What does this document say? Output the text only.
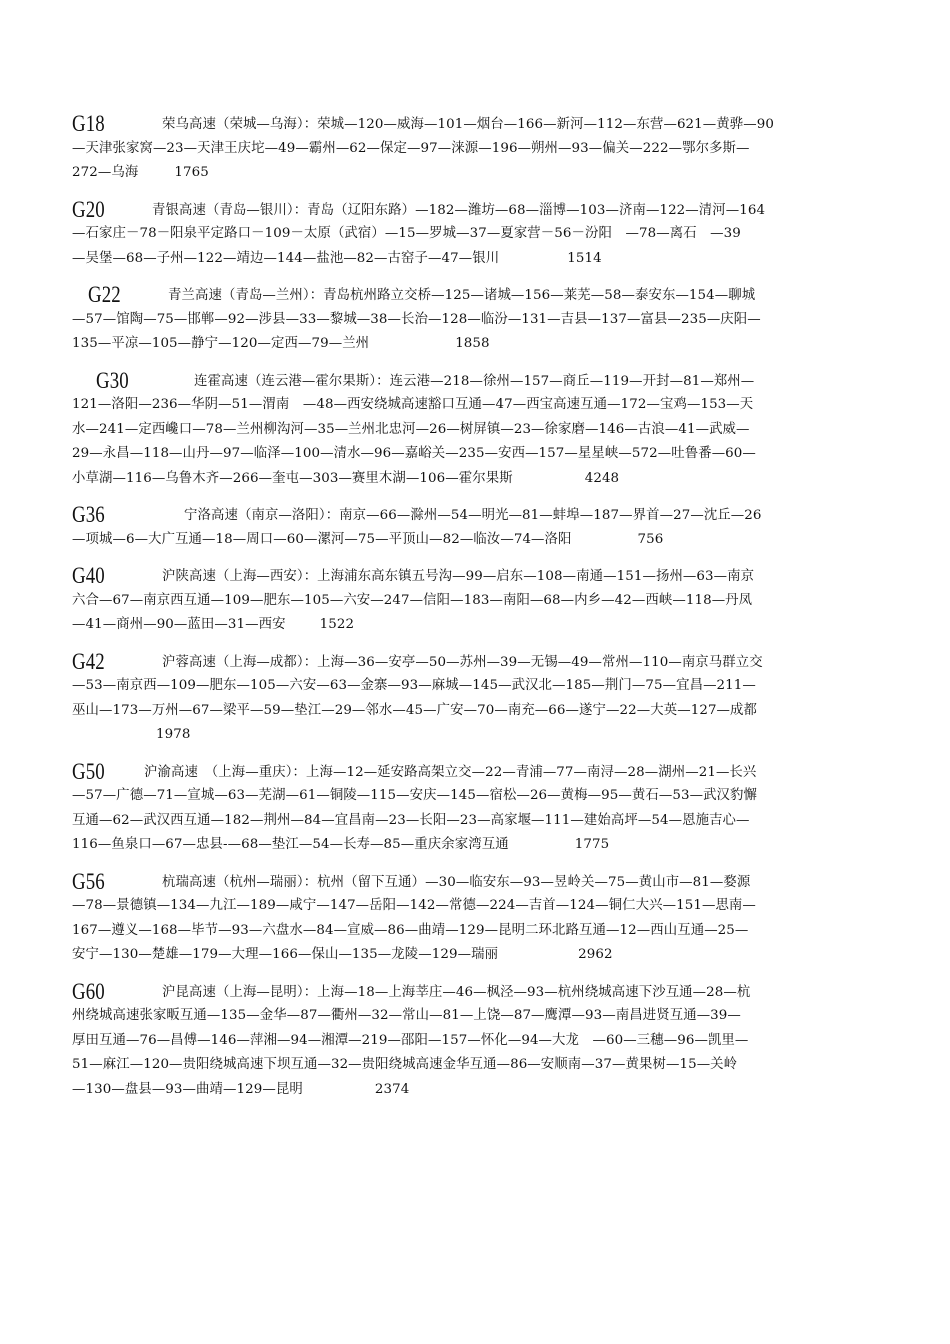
G18	荣乌高速（荣城—乌海）：荣城—120—威海—101—烟台—166—新河—112—东营—621—黄骅—90
—天津张家窝—23—天津王庆坨—49—霸州—62—保定—97—涞源—196—朔州—93—偏关—222—鄂尔多斯—
272—乌海	1765
G20	青银高速（青岛—银川）：青岛（辽阳东路）—182—潍坊—68—淄博—103—济南—122—清河—164
—石家庄－78－阳泉平定路口－109－太原（武宿）—15—罗城—37—夏家营－56－汾阳　—78—离石　—39
—吴堡—68—子州—122—靖边—144—盐池—82—古窑子—47—银川	1514
G22	青兰高速（青岛—兰州）：青岛杭州路立交桥—125—诸城—156—莱芜—58—泰安东—154—聊城
—57—馆陶—75—邯郸—92—涉县—33—黎城—38—长治—128—临汾—131—吉县—137—富县—235—庆阳—
135—平凉—105—静宁—120—定西—79—兰州	1858
G30	连霍高速（连云港—霍尔果斯）：连云港—218—徐州—157—商丘—119—开封—81—郑州—
121—洛阳—236—华阴—51—渭南　—48—西安绕城高速豁口互通—47—西宝高速互通—172—宝鸡—153—天
水—241—定西巉口—78—兰州柳沟河—35—兰州北忠河—26—树屏镇—23—徐家磨—146—古浪—41—武威—
29—永昌—118—山丹—97—临泽—100—清水—96—嘉峪关—235—安西—157—星星峡—572—吐鲁番—60—
小草湖—116—乌鲁木齐—266—奎屯—303—赛里木湖—106—霍尔果斯	4248
G36	宁洛高速（南京—洛阳）：南京—66—滁州—54—明光—81—蚌埠—187—界首—27—沈丘—26
—项城—6—大广互通—18—周口—60—漯河—75—平顶山—82—临汝—74—洛阳	756
G40	沪陕高速（上海—西安）：上海浦东高东镇五号沟—99—启东—108—南通—151—扬州—63—南京
六合—67—南京西互通—109—肥东—105—六安—247—信阳—183—南阳—68—内乡—42—西峡—118—丹凤
—41—商州—90—蓝田—31—西安	1522
G42	沪蓉高速（上海—成都）：上海—36—安亭—50—苏州—39—无锡—49—常州—110—南京马群立交
—53—南京西—109—肥东—105—六安—63—金寨—93—麻城—145—武汉北—185—荆门—75—宜昌—211—
巫山—173—万州—67—梁平—59—垫江—29—邻水—45—广安—70—南充—66—遂宁—22—大英—127—成都
1978
G50	沪渝高速　（上海—重庆）：上海—12—延安路高架立交—22—青浦—77—南浔—28—湖州—21—长兴
—57—广德—71—宣城—63—芜湖—61—铜陵—115—安庆—145—宿松—26—黄梅—95—黄石—53—武汉豹懈
互通—62—武汉西互通—182—荆州—84—宜昌南—23—长阳—23—高家堰—111—建始高坪—54—恩施吉心—
116—鱼泉口—67—忠县-—68—垫江—54—长寿—85—重庆余家湾互通	1775
G56	杭瑞高速（杭州—瑞丽）：杭州（留下互通）—30—临安东—93—昱岭关—75—黄山市—81—婺源
—78—景德镇—134—九江—189—咸宁—147—岳阳—142—常德—224—吉首—124—铜仁大兴—151—思南—
167—遵义—168—毕节—93—六盘水—84—宣威—86—曲靖—129—昆明二环北路互通—12—西山互通—25—
安宁—130—楚雄—179—大理—166—保山—135—龙陵—129—瑞丽	2962
G60	沪昆高速（上海—昆明）：上海—18—上海莘庄—46—枫泾—93—杭州绕城高速下沙互通—28—杭
州绕城高速张家畈互通—135—金华—87—衢州—32—常山—81—上饶—87—鹰潭—93—南昌进贤互通—39—
厚田互通—76—昌傅—146—萍湘—94—湘潭—219—邵阳—157—怀化—94—大龙　—60—三穗—96—凯里—
51—麻江—120—贵阳绕城高速下坝互通—32—贵阳绕城高速金华互通—86—安顺南—37—黄果树—15—关岭
—130—盘县—93—曲靖—129—昆明	2374
